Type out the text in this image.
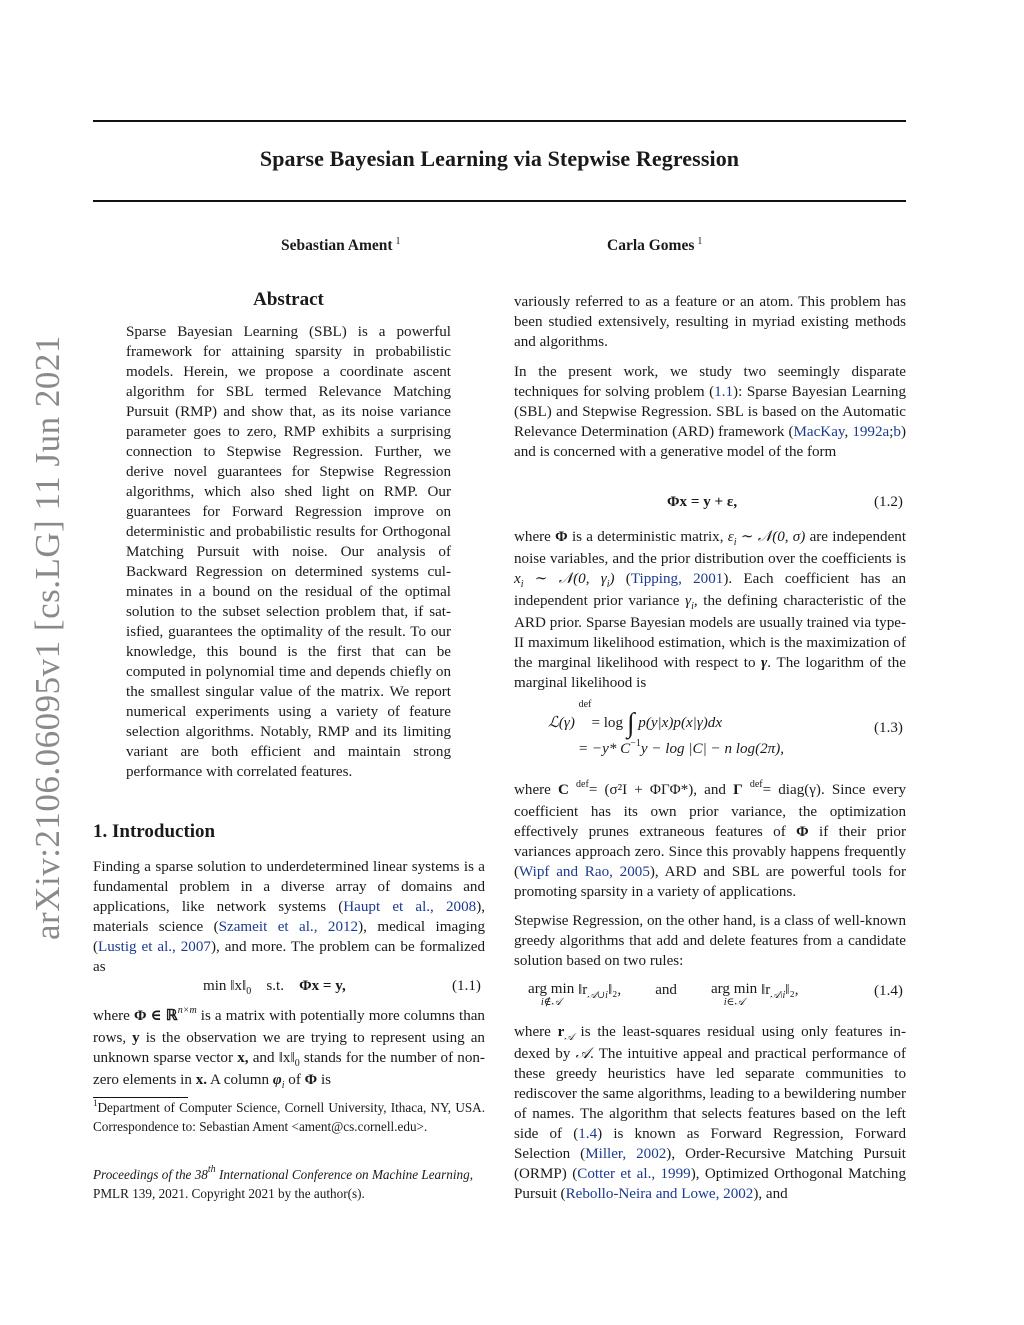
Sparse Bayesian Learning via Stepwise Regression
Sebastian Ament $^1$	Carla Gomes $^1$
arXiv:2106.06095v1 [cs.LG] 11 Jun 2021
Abstract
Sparse Bayesian Learning (SBL) is a powerful framework for attaining sparsity in probabilistic models. Herein, we propose a coordinate ascent algorithm for SBL termed Relevance Matching Pursuit (RMP) and show that, as its noise variance parameter goes to zero, RMP exhibits a surprising connection to Stepwise Regression. Further, we derive novel guarantees for Stepwise Regression algorithms, which also shed light on RMP. Our guarantees for Forward Regression improve on deterministic and probabilistic results for Orthogonal Matching Pursuit with noise. Our analysis of Backward Regression on determined systems culminates in a bound on the residual of the optimal solution to the subset selection problem that, if satisfied, guarantees the optimality of the result. To our knowledge, this bound is the first that can be computed in polynomial time and depends chiefly on the smallest singular value of the matrix. We report numerical experiments using a variety of feature selection algorithms. Notably, RMP and its limiting variant are both efficient and maintain strong performance with correlated features.
1. Introduction
Finding a sparse solution to underdetermined linear systems is a fundamental problem in a diverse array of domains and applications, like network systems (Haupt et al., 2008), materials science (Szameit et al., 2012), medical imaging (Lustig et al., 2007), and more. The problem can be formalized as
$\min ‖x‖_0$ s.t. Φx = y,	(1.1)
where Φ ∈ ℝ$^{n\times m}$ is a matrix with potentially more columns than rows, y is the observation we are trying to represent using an unknown sparse vector x, and $‖x‖_0$ stands for the number of non-zero elements in x. A column $\varphi_i$ of Φ is
$^1$Department of Computer Science, Cornell University, Ithaca, NY, USA. Correspondence to: Sebastian Ament <ament@cs.cornell.edu>.
Proceedings of the 38th International Conference on Machine Learning, PMLR 139, 2021. Copyright 2021 by the author(s).
variously referred to as a feature or an atom. This problem has been studied extensively, resulting in myriad existing methods and algorithms.
In the present work, we study two seemingly disparate techniques for solving problem (1.1): Sparse Bayesian Learning (SBL) and Stepwise Regression. SBL is based on the Automatic Relevance Determination (ARD) framework (MacKay, 1992a;b) and is concerned with a generative model of the form
Φx = y + ε,	(1.2)
where Φ is a deterministic matrix, $\varepsilon_i$ ∼ 𝒩(0, σ) are independent noise variables, and the prior distribution over the coefficients is $x_i$ ∼ 𝒩(0, $\gamma_i$) (Tipping, 2001). Each coefficient has an independent prior variance $\gamma_i$, the defining characteristic of the ARD prior. Sparse Bayesian models are usually trained via type-II maximum likelihood estimation, which is the maximization of the marginal likelihood with respect to γ. The logarithm of the marginal likelihood is
ℒ(γ) $^{def}$= log ∫ p(y|x)p(x|γ)dx
= −y* $C^{-1}y - \log |C| - n$ log(2π),
(1.3)
where C $^{def}$= (σ²I + ΦΓΦ*), and Γ $^{def}$= diag(γ). Since every coefficient has its own prior variance, the optimization effectively prunes extraneous features of Φ if their prior variances approach zero. Since this provably happens frequently (Wipf and Rao, 2005), ARD and SBL are powerful tools for promoting sparsity in a variety of applications.
Stepwise Regression, on the other hand, is a class of well-known greedy algorithms that add and delete features from a candidate solution based on two rules:
arg min
i∉𝒜
$‖r_{𝒜\cup i}‖_2$, and arg min
i∈𝒜
$‖r_{𝒜\backslash i}‖_2$,	(1.4)
where $r_𝒜$ is the least-squares residual using only features indexed by 𝒜. The intuitive appeal and practical performance of these greedy heuristics have led separate communities to rediscover the same algorithms, leading to a bewildering number of names. The algorithm that selects features based on the left side of (1.4) is known as Forward Regression, Forward Selection (Miller, 2002), Order-Recursive Matching Pursuit (ORMP) (Cotter et al., 1999), Optimized Orthogonal Matching Pursuit (Rebollo-Neira and Lowe, 2002), and
